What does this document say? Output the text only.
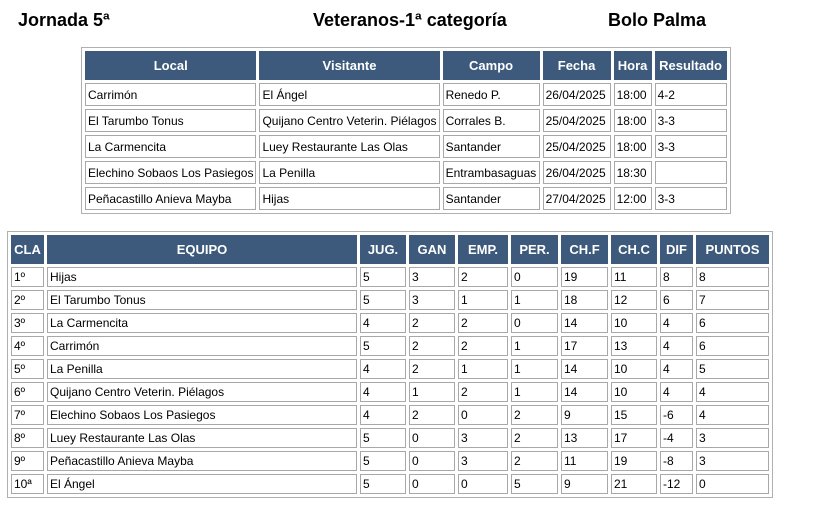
Jornada 5ª	Veteranos-1ª categoría	Bolo Palma
Local	Visitante	Campo	Fecha	Hora	Resultado
Carrimón	El Ángel	Renedo P.	26/04/2025	18:00	4-2
El Tarumbo Tonus	Quijano Centro Veterin. Piélagos	Corrales B.	25/04/2025	18:00	3-3
La Carmencita	Luey Restaurante Las Olas	Santander	25/04/2025	18:00	3-3
Elechino Sobaos Los Pasiegos	La Penilla	Entrambasaguas	26/04/2025	18:30	
Peñacastillo Anieva Mayba	Hijas	Santander	27/04/2025	12:00	3-3
CLA	EQUIPO	JUG.	GAN	EMP.	PER.	CH.F	CH.C	DIF	PUNTOS
1º	Hijas	5	3	2	0	19	11	8	8
2º	El Tarumbo Tonus	5	3	1	1	18	12	6	7
3º	La Carmencita	4	2	2	0	14	10	4	6
4º	Carrimón	5	2	2	1	17	13	4	6
5º	La Penilla	4	2	1	1	14	10	4	5
6º	Quijano Centro Veterin. Piélagos	4	1	2	1	14	10	4	4
7º	Elechino Sobaos Los Pasiegos	4	2	0	2	9	15	-6	4
8º	Luey Restaurante Las Olas	5	0	3	2	13	17	-4	3
9º	Peñacastillo Anieva Mayba	5	0	3	2	11	19	-8	3
10ª	El Ángel	5	0	0	5	9	21	-12	0
